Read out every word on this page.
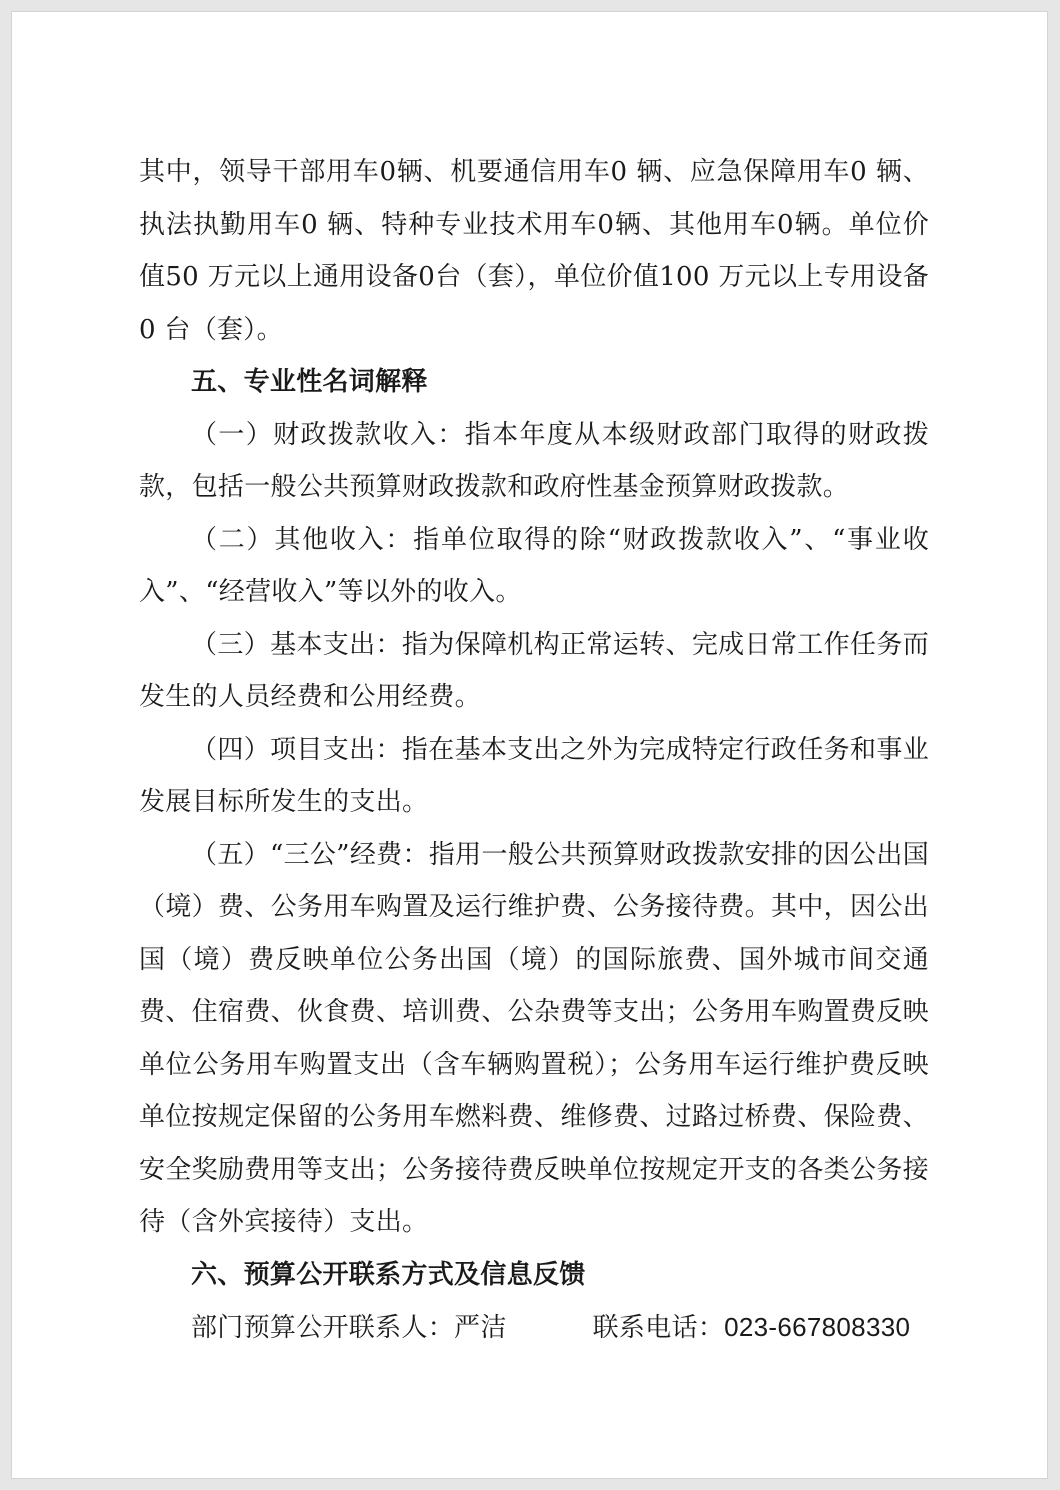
其中，领导干部用车0辆、机要通信用车0 辆、应急保障用车0 辆、执法执勤用车0 辆、特种专业技术用车0辆、其他用车0辆。单位价值50 万元以上通用设备0台（套），单位价值100 万元以上专用设备0 台（套）。

五、专业性名词解释

（一）财政拨款收入：指本年度从本级财政部门取得的财政拨款，包括一般公共预算财政拨款和政府性基金预算财政拨款。

（二）其他收入：指单位取得的除“财政拨款收入”、“事业收入”、“经营收入”等以外的收入。

（三）基本支出：指为保障机构正常运转、完成日常工作任务而发生的人员经费和公用经费。

（四）项目支出：指在基本支出之外为完成特定行政任务和事业发展目标所发生的支出。

（五）“三公”经费：指用一般公共预算财政拨款安排的因公出国（境）费、公务用车购置及运行维护费、公务接待费。其中，因公出国（境）费反映单位公务出国（境）的国际旅费、国外城市间交通费、住宿费、伙食费、培训费、公杂费等支出；公务用车购置费反映单位公务用车购置支出（含车辆购置税）；公务用车运行维护费反映单位按规定保留的公务用车燃料费、维修费、过路过桥费、保险费、安全奖励费用等支出；公务接待费反映单位按规定开支的各类公务接待（含外宾接待）支出。

六、预算公开联系方式及信息反馈

部门预算公开联系人：严洁	联系电话：023-667808330
